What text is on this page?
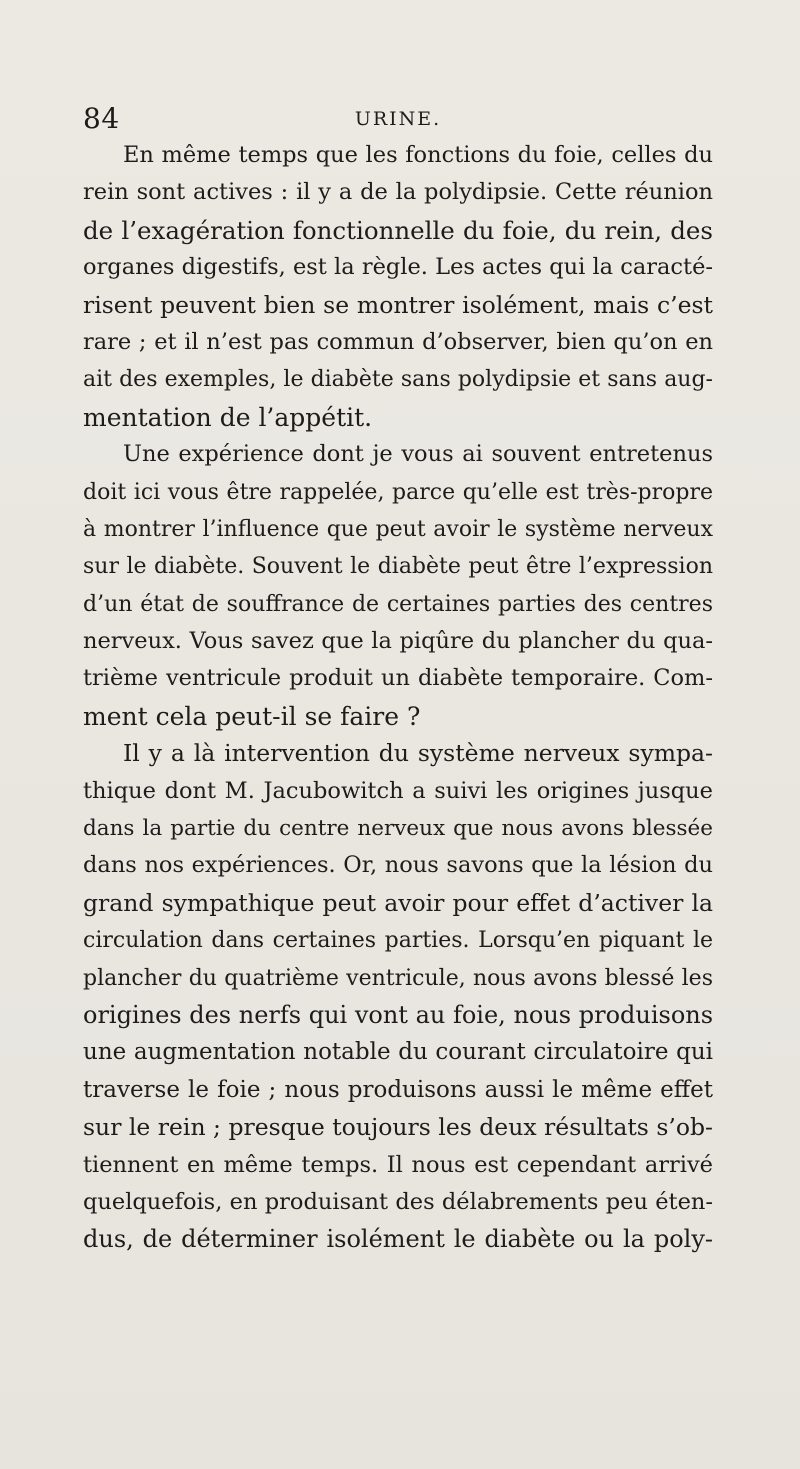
84	URINE.
En même temps que les fonctions du foie, celles du
rein sont actives : il y a de la polydipsie. Cette réunion
de l’exagération fonctionnelle du foie, du rein, des
organes digestifs, est la règle. Les actes qui la caracté-
risent peuvent bien se montrer isolément, mais c’est
rare ; et il n’est pas commun d’observer, bien qu’on en
ait des exemples, le diabète sans polydipsie et sans aug-
mentation de l’appétit.
Une expérience dont je vous ai souvent entretenus
doit ici vous être rappelée, parce qu’elle est très-propre
à montrer l’influence que peut avoir le système nerveux
sur le diabète. Souvent le diabète peut être l’expression
d’un état de souffrance de certaines parties des centres
nerveux. Vous savez que la piqûre du plancher du qua-
trième ventricule produit un diabète temporaire. Com-
ment cela peut-il se faire ?
Il y a là intervention du système nerveux sympa-
thique dont M. Jacubowitch a suivi les origines jusque
dans la partie du centre nerveux que nous avons blessée
dans nos expériences. Or, nous savons que la lésion du
grand sympathique peut avoir pour effet d’activer la
circulation dans certaines parties. Lorsqu’en piquant le
plancher du quatrième ventricule, nous avons blessé les
origines des nerfs qui vont au foie, nous produisons
une augmentation notable du courant circulatoire qui
traverse le foie ; nous produisons aussi le même effet
sur le rein ; presque toujours les deux résultats s’ob-
tiennent en même temps. Il nous est cependant arrivé
quelquefois, en produisant des délabrements peu éten-
dus, de déterminer isolément le diabète ou la poly-
